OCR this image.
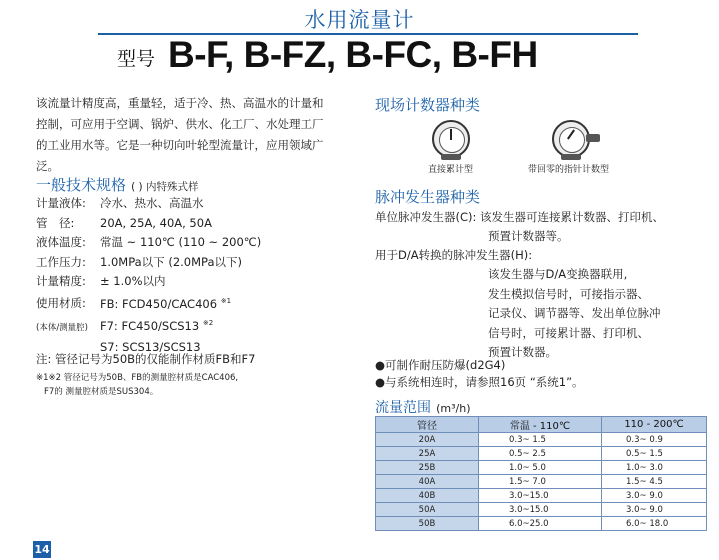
水用流量计
型号 B-F, B-FZ, B-FC, B-FH
该流量计精度高，重量轻，适于冷、热、高温水的计量和
控制，可应用于空调、锅炉、供水、化工厂、水处理工厂
的工业用水等。它是一种切向叶轮型流量计，应用领域广
泛。
一般技术规格 ( ) 内特殊式样
计量液体: 冷水、热水、高温水
管　径: 20A, 25A, 40A, 50A
液体温度: 常温 ~ 110℃ (110 ~ 200℃)
工作压力: 1.0MPa以下 (2.0MPa以下)
计量精度: ± 1.0%以内
使用材质: FB: FCD450/CAC406 $^{※1}$
(本体/测量腔) F7: FC450/SCS13 $^{※2}$
S7: SCS13/SCS13
注: 管径记号为50B的仅能制作材质FB和F7
※1※2 管径记号为50B、FB的测量腔材质是CAC406,
F7的 测量腔材质是SUS304。
现场计数器种类
直接累计型	带回零的指针计数型
脉冲发生器种类
单位脉冲发生器(C): 该发生器可连接累计数器、打印机、
预置计数器等。
用于D/A转换的脉冲发生器(H):
该发生器与D/A变换器联用,
发生模拟信号时，可接指示器、
记录仪、调节器等、发出单位脉冲
信号时，可接累计器、打印机、
预置计数器。
●可制作耐压防爆(d2G4)
●与系统相连时，请参照16页 “系统1”。
流量范围 (m³/h)
管径	常温 - 110℃	110 - 200℃
20A	0.3~ 1.5	0.3~ 0.9
25A	0.5~ 2.5	0.5~ 1.5
25B	1.0~ 5.0	1.0~ 3.0
40A	1.5~ 7.0	1.5~ 4.5
40B	3.0~15.0	3.0~ 9.0
50A	3.0~15.0	3.0~ 9.0
50B	6.0~25.0	6.0~ 18.0
14
